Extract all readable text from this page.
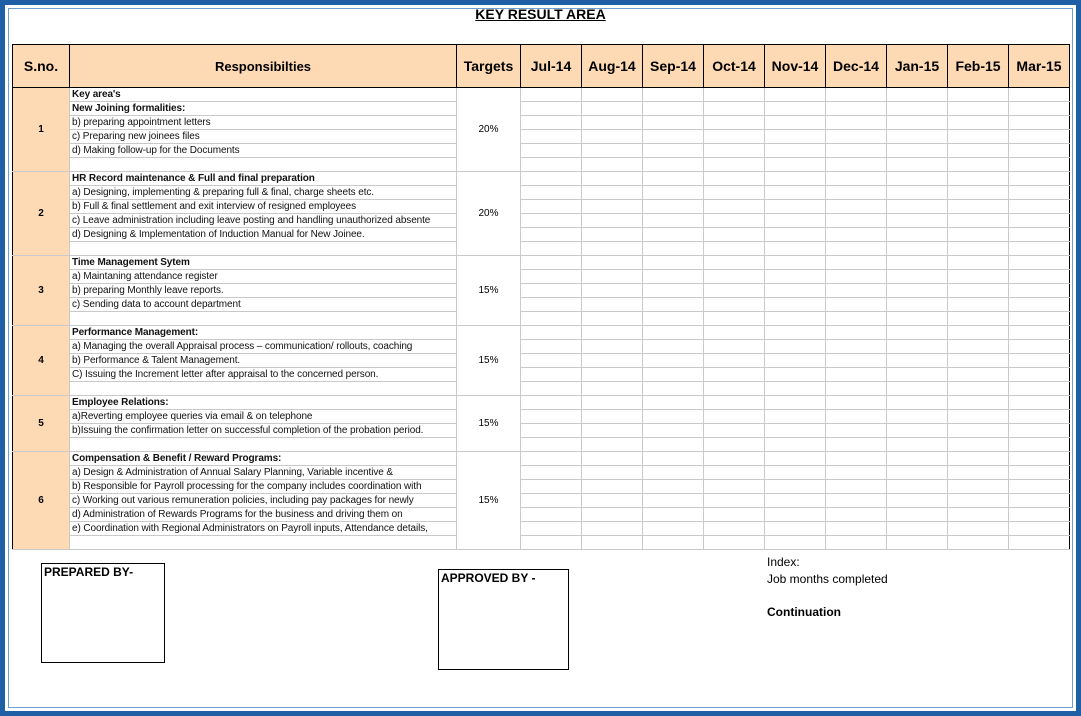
KEY RESULT AREA
S.no.	Responsibilties	Targets	Jul-14	Aug-14	Sep-14	Oct-14	Nov-14	Dec-14	Jan-15	Feb-15	Mar-15
1	Key area's	20%									
	New Joining formalities:										
	b) preparing appointment letters										
	c) Preparing new joinees files										
	d) Making follow-up for the Documents										

2	HR Record maintenance & Full and final preparation	20%									
	a) Designing, implementing & preparing full & final, charge sheets etc.										
	b) Full & final settlement and exit interview of resigned employees										
	c) Leave administration including leave posting and handling unauthorized absente										
	d) Designing & Implementation of Induction Manual for New Joinee.										

3	Time Management Sytem	15%									
	a) Maintaning attendance register										
	b) preparing Monthly leave reports.										
	c) Sending data to account department										

4	Performance Management:	15%									
	a) Managing the overall Appraisal process – communication/ rollouts, coaching										
	b) Performance & Talent Management.										
	C) Issuing the Increment letter after appraisal to the concerned person.										

5	Employee Relations:	15%									
	a)Reverting employee queries via email & on telephone										
	b)Issuing the confirmation letter on successful completion of the probation period.										

6	Compensation & Benefit / Reward Programs:	15%									
	a) Design & Administration of Annual Salary Planning, Variable incentive &										
	b) Responsible for Payroll processing for the company includes coordination with										
	c) Working out various remuneration policies, including pay packages for newly										
	d) Administration of Rewards Programs for the business and driving them on										
	e) Coordination with Regional Administrators on Payroll inputs, Attendance details,										

PREPARED BY-	APPROVED BY -
Index:
Job months completed
Continuation
